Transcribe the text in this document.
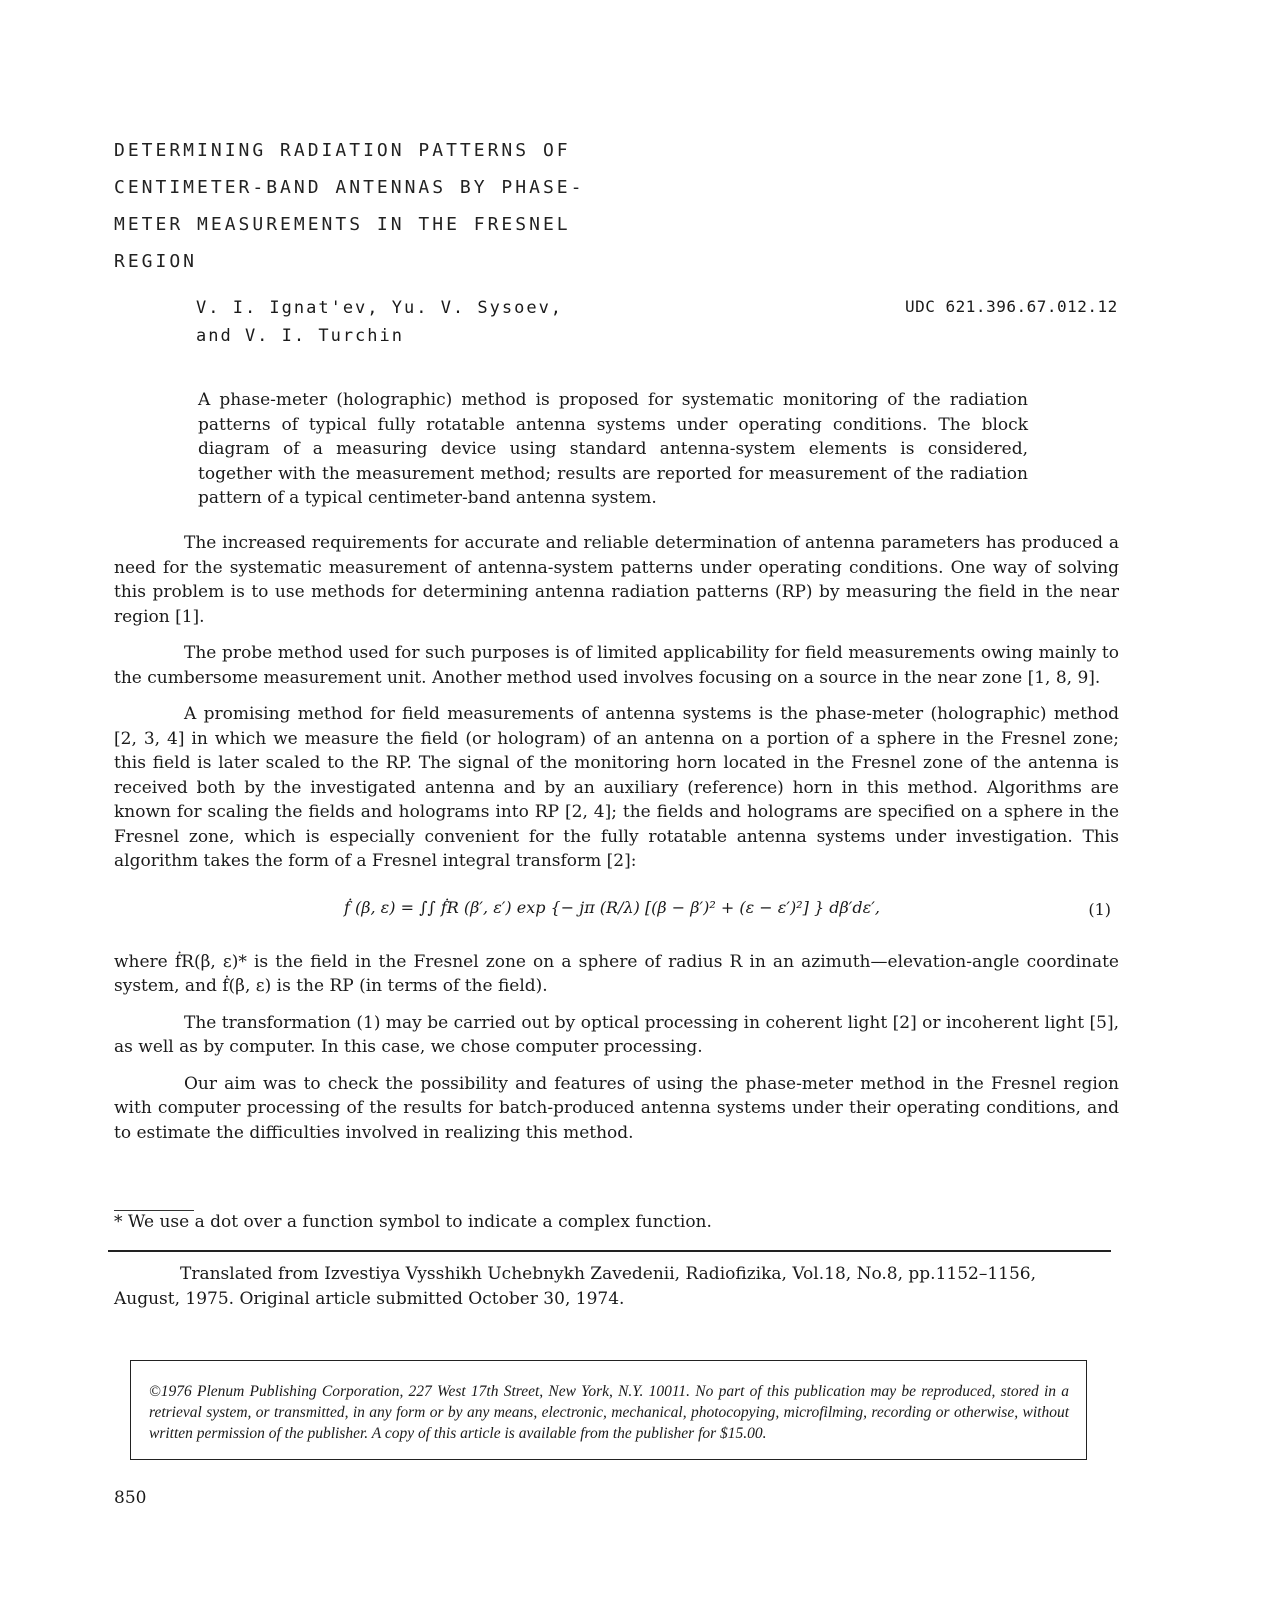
DETERMINING RADIATION PATTERNS OF
CENTIMETER-BAND ANTENNAS BY PHASE-
METER MEASUREMENTS IN THE FRESNEL
REGION
V. I. Ignat'ev, Yu. V. Sysoev,
and V. I. Turchin
UDC 621.396.67.012.12
A phase-meter (holographic) method is proposed for systematic monitoring of the radiation patterns of typical fully rotatable antenna systems under operating conditions. The block diagram of a measuring device using standard antenna-system elements is considered, together with the measurement method; results are reported for measurement of the radiation pattern of a typical centimeter-band antenna system.

The increased requirements for accurate and reliable determination of antenna parameters has produced a need for the systematic measurement of antenna-system patterns under operating conditions. One way of solving this problem is to use methods for determining antenna radiation patterns (RP) by measuring the field in the near region [1].

The probe method used for such purposes is of limited applicability for field measurements owing mainly to the cumbersome measurement unit. Another method used involves focusing on a source in the near zone [1, 8, 9].

A promising method for field measurements of antenna systems is the phase-meter (holographic) method [2, 3, 4] in which we measure the field (or hologram) of an antenna on a portion of a sphere in the Fresnel zone; this field is later scaled to the RP. The signal of the monitoring horn located in the Fresnel zone of the antenna is received both by the investigated antenna and by an auxiliary (reference) horn in this method. Algorithms are known for scaling the fields and holograms into RP [2, 4]; the fields and holograms are specified on a sphere in the Fresnel zone, which is especially convenient for the fully rotatable antenna systems under investigation. This algorithm takes the form of a Fresnel integral transform [2]:

ḟ (β, ε) = ∫∫ ḟR (β′, ε′) exp {− jπ (R/λ) [(β − β′)² + (ε − ε′)²] } dβ′dε′,	(1)

where ḟR(β, ε)* is the field in the Fresnel zone on a sphere of radius R in an azimuth—elevation-angle coordinate system, and ḟ(β, ε) is the RP (in terms of the field).

The transformation (1) may be carried out by optical processing in coherent light [2] or incoherent light [5], as well as by computer. In this case, we chose computer processing.

Our aim was to check the possibility and features of using the phase-meter method in the Fresnel region with computer processing of the results for batch-produced antenna systems under their operating conditions, and to estimate the difficulties involved in realizing this method.

* We use a dot over a function symbol to indicate a complex function.
Translated from Izvestiya Vysshikh Uchebnykh Zavedenii, Radiofizika, Vol.18, No.8, pp.1152–1156, August, 1975. Original article submitted October 30, 1974.
©1976 Plenum Publishing Corporation, 227 West 17th Street, New York, N.Y. 10011. No part of this publication may be reproduced, stored in a retrieval system, or transmitted, in any form or by any means, electronic, mechanical, photocopying, microfilming, recording or otherwise, without written permission of the publisher. A copy of this article is available from the publisher for $15.00.
850
